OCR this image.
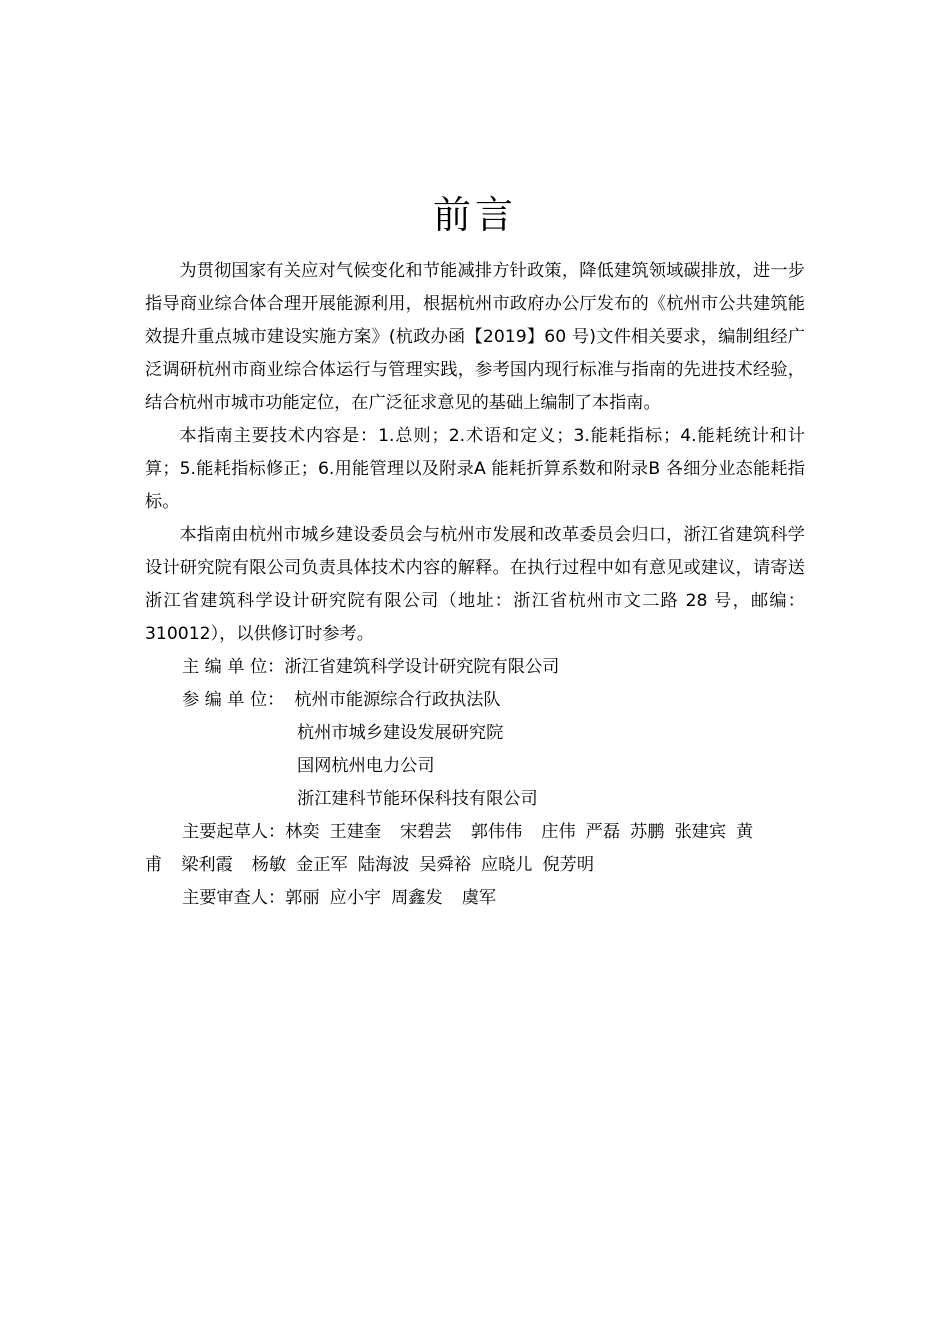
前言

为贯彻国家有关应对气候变化和节能减排方针政策，降低建筑领域碳排放，进一步指导商业综合体合理开展能源利用，根据杭州市政府办公厅发布的《杭州市公共建筑能效提升重点城市建设实施方案》(杭政办函【2019】60 号)文件相关要求，编制组经广泛调研杭州市商业综合体运行与管理实践，参考国内现行标准与指南的先进技术经验，结合杭州市城市功能定位，在广泛征求意见的基础上编制了本指南。

本指南主要技术内容是：1.总则；2.术语和定义；3.能耗指标；4.能耗统计和计算；5.能耗指标修正；6.用能管理以及附录A 能耗折算系数和附录B 各细分业态能耗指标。

本指南由杭州市城乡建设委员会与杭州市发展和改革委员会归口，浙江省建筑科学设计研究院有限公司负责具体技术内容的解释。在执行过程中如有意见或建议，请寄送浙江省建筑科学设计研究院有限公司（地址：浙江省杭州市文二路 28 号，邮编：310012），以供修订时参考。

主 编 单 位：浙江省建筑科学设计研究院有限公司
参 编 单 位： 杭州市能源综合行政执法队
杭州市城乡建设发展研究院
国网杭州电力公司
浙江建科节能环保科技有限公司
主要起草人：林奕 王建奎 宋碧芸 郭伟伟 庄伟 严磊 苏鹏 张建宾 黄
甫 梁利霞 杨敏 金正军 陆海波 吴舜裕 应晓儿 倪芳明
主要审查人：郭丽 应小宇 周鑫发 虞军
